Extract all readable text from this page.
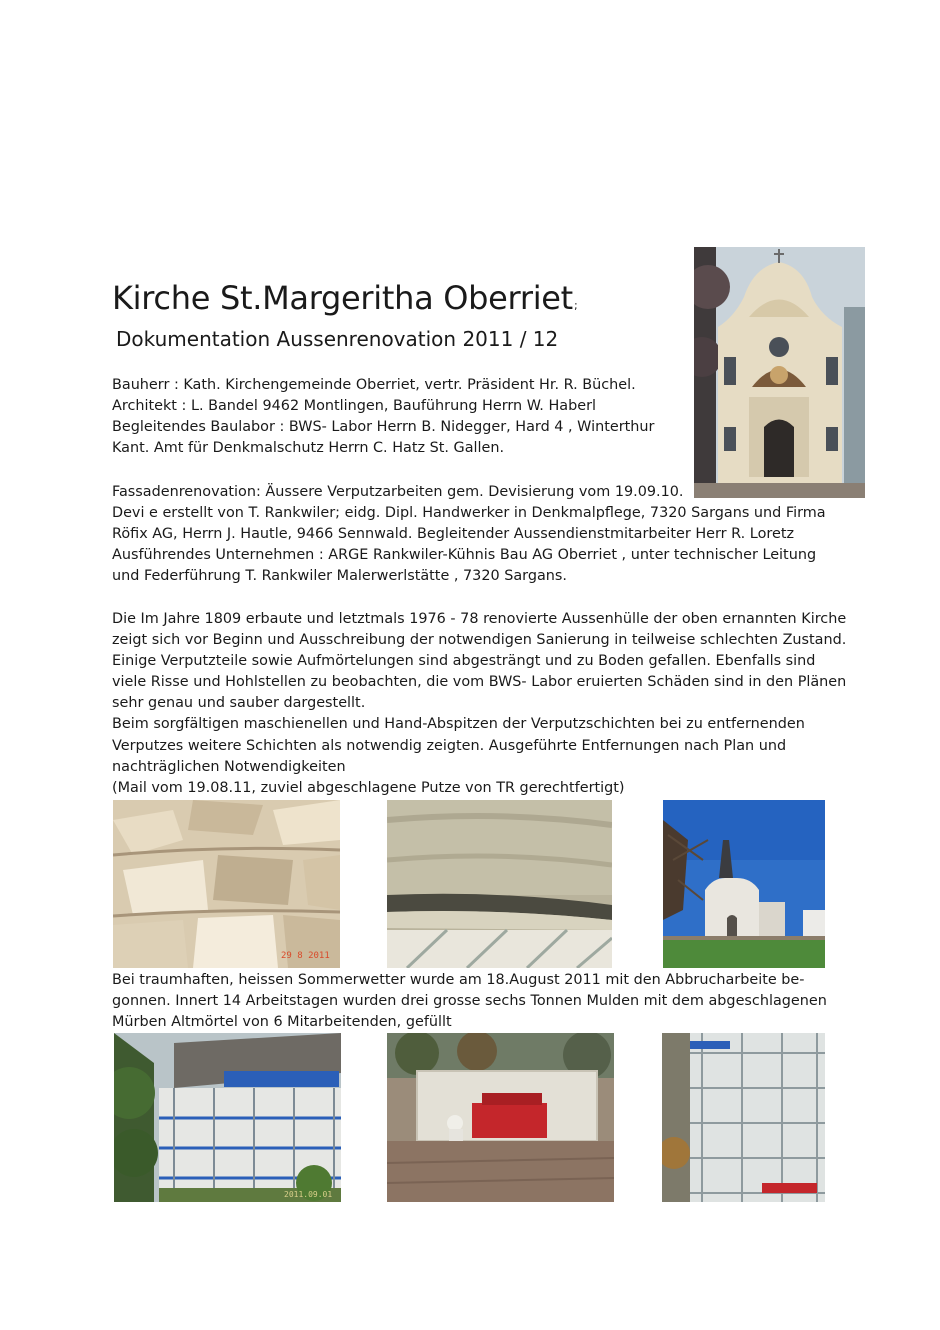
Kirche St.Margeritha Oberriet;
Dokumentation Aussenrenovation 2011 / 12
Bauherr : Kath. Kirchengemeinde Oberriet, vertr. Präsident Hr. R. Büchel.
Architekt : L. Bandel 9462 Montlingen, Bauführung Herrn W. Haberl
Begleitendes Baulabor : BWS- Labor Herrn B. Nidegger, Hard 4 , Winterthur
Kant. Amt für Denkmalschutz Herrn C. Hatz St. Gallen.
Fassadenrenovation: Äussere Verputzarbeiten gem. Devisierung vom 19.09.10.
Devi e erstellt von T. Rankwiler; eidg. Dipl. Handwerker in Denkmalpflege, 7320 Sargans und Firma
Röfix AG, Herrn J. Hautle, 9466 Sennwald. Begleitender Aussendienstmitarbeiter Herr R. Loretz
Ausführendes Unternehmen : ARGE Rankwiler-Kühnis Bau AG Oberriet , unter technischer Leitung
und Federführung T. Rankwiler Malerwerlstätte , 7320 Sargans.
Die Im Jahre 1809 erbaute und letztmals 1976 - 78 renovierte Aussenhülle der oben ernannten Kirche
zeigt sich vor Beginn und Ausschreibung der notwendigen Sanierung in teilweise schlechten Zustand.
Einige Verputzteile sowie Aufmörtelungen sind abgesträngt und zu Boden gefallen. Ebenfalls sind
viele Risse und Hohlstellen zu beobachten, die vom BWS- Labor eruierten Schäden sind in den Plänen
sehr genau und sauber dargestellt.
Beim sorgfältigen maschienellen und Hand-Abspitzen der Verputzschichten bei zu entfernenden
Verputzes weitere Schichten als notwendig zeigten. Ausgeführte Entfernungen nach Plan und
nachträglichen Notwendigkeiten
(Mail vom 19.08.11, zuviel abgeschlagene Putze von TR gerechtfertigt)
29 8 2011
Bei traumhaften, heissen Sommerwetter wurde am 18.August 2011 mit den Abbrucharbeite be-
gonnen. Innert 14 Arbeitstagen wurden drei grosse sechs Tonnen Mulden mit dem abgeschlagenen
Mürben Altmörtel von 6 Mitarbeitenden, gefüllt
2011.09.01
